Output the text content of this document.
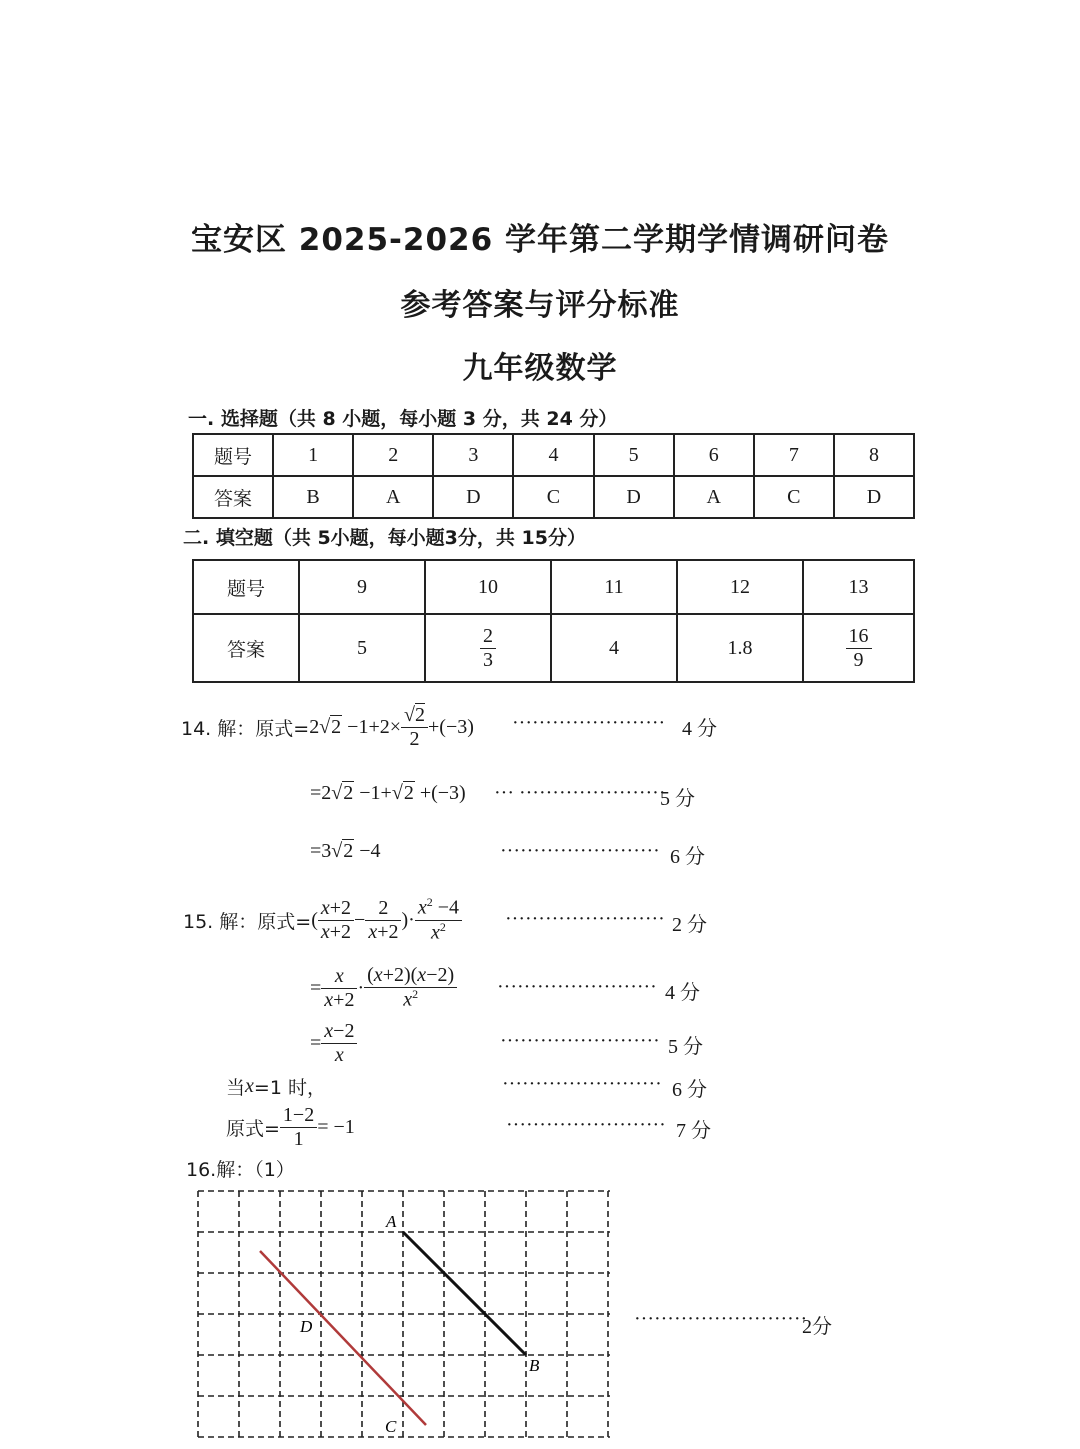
宝安区 2025-2026 学年第二学期学情调研问卷
参考答案与评分标准
九年级数学
一. 选择题（共 8 小题，每小题 3 分，共 24 分）
题号	1	2	3	4	5	6	7	8
答案	B	A	D	C	D	A	C	D
二. 填空题（共 5小题，每小题3分，共 15分）
题号	9	10	11	12	13
答案	5	$\frac{2}{3}$	4	1.8	$\frac{16}{9}$
14. 解：原式= $2√2 -1+2\times \frac{√2}{2} +(-3)$ ······················· 4 分
=2√2 −1+√2 +(−3) ··· ······················
5 分
=3√2 −4	························ 6 分
15. 解：原式= ( $\frac{x+2}{x+2} - \frac{2}{x+2}$ )· $\frac{x^2 -4}{x^2}$ ························ 2 分
= $\frac{x}{x+2} \cdot \frac{(x+2)(x-2)}{x^2}$ ························ 4 分
= $\frac{x-2}{x}$	························ 5 分
当 x =1 时，	························ 6 分
原式= $\frac{1-2}{1} = -1$	························ 7 分
16.解：（1）
A
B
D
C
··························
2分
